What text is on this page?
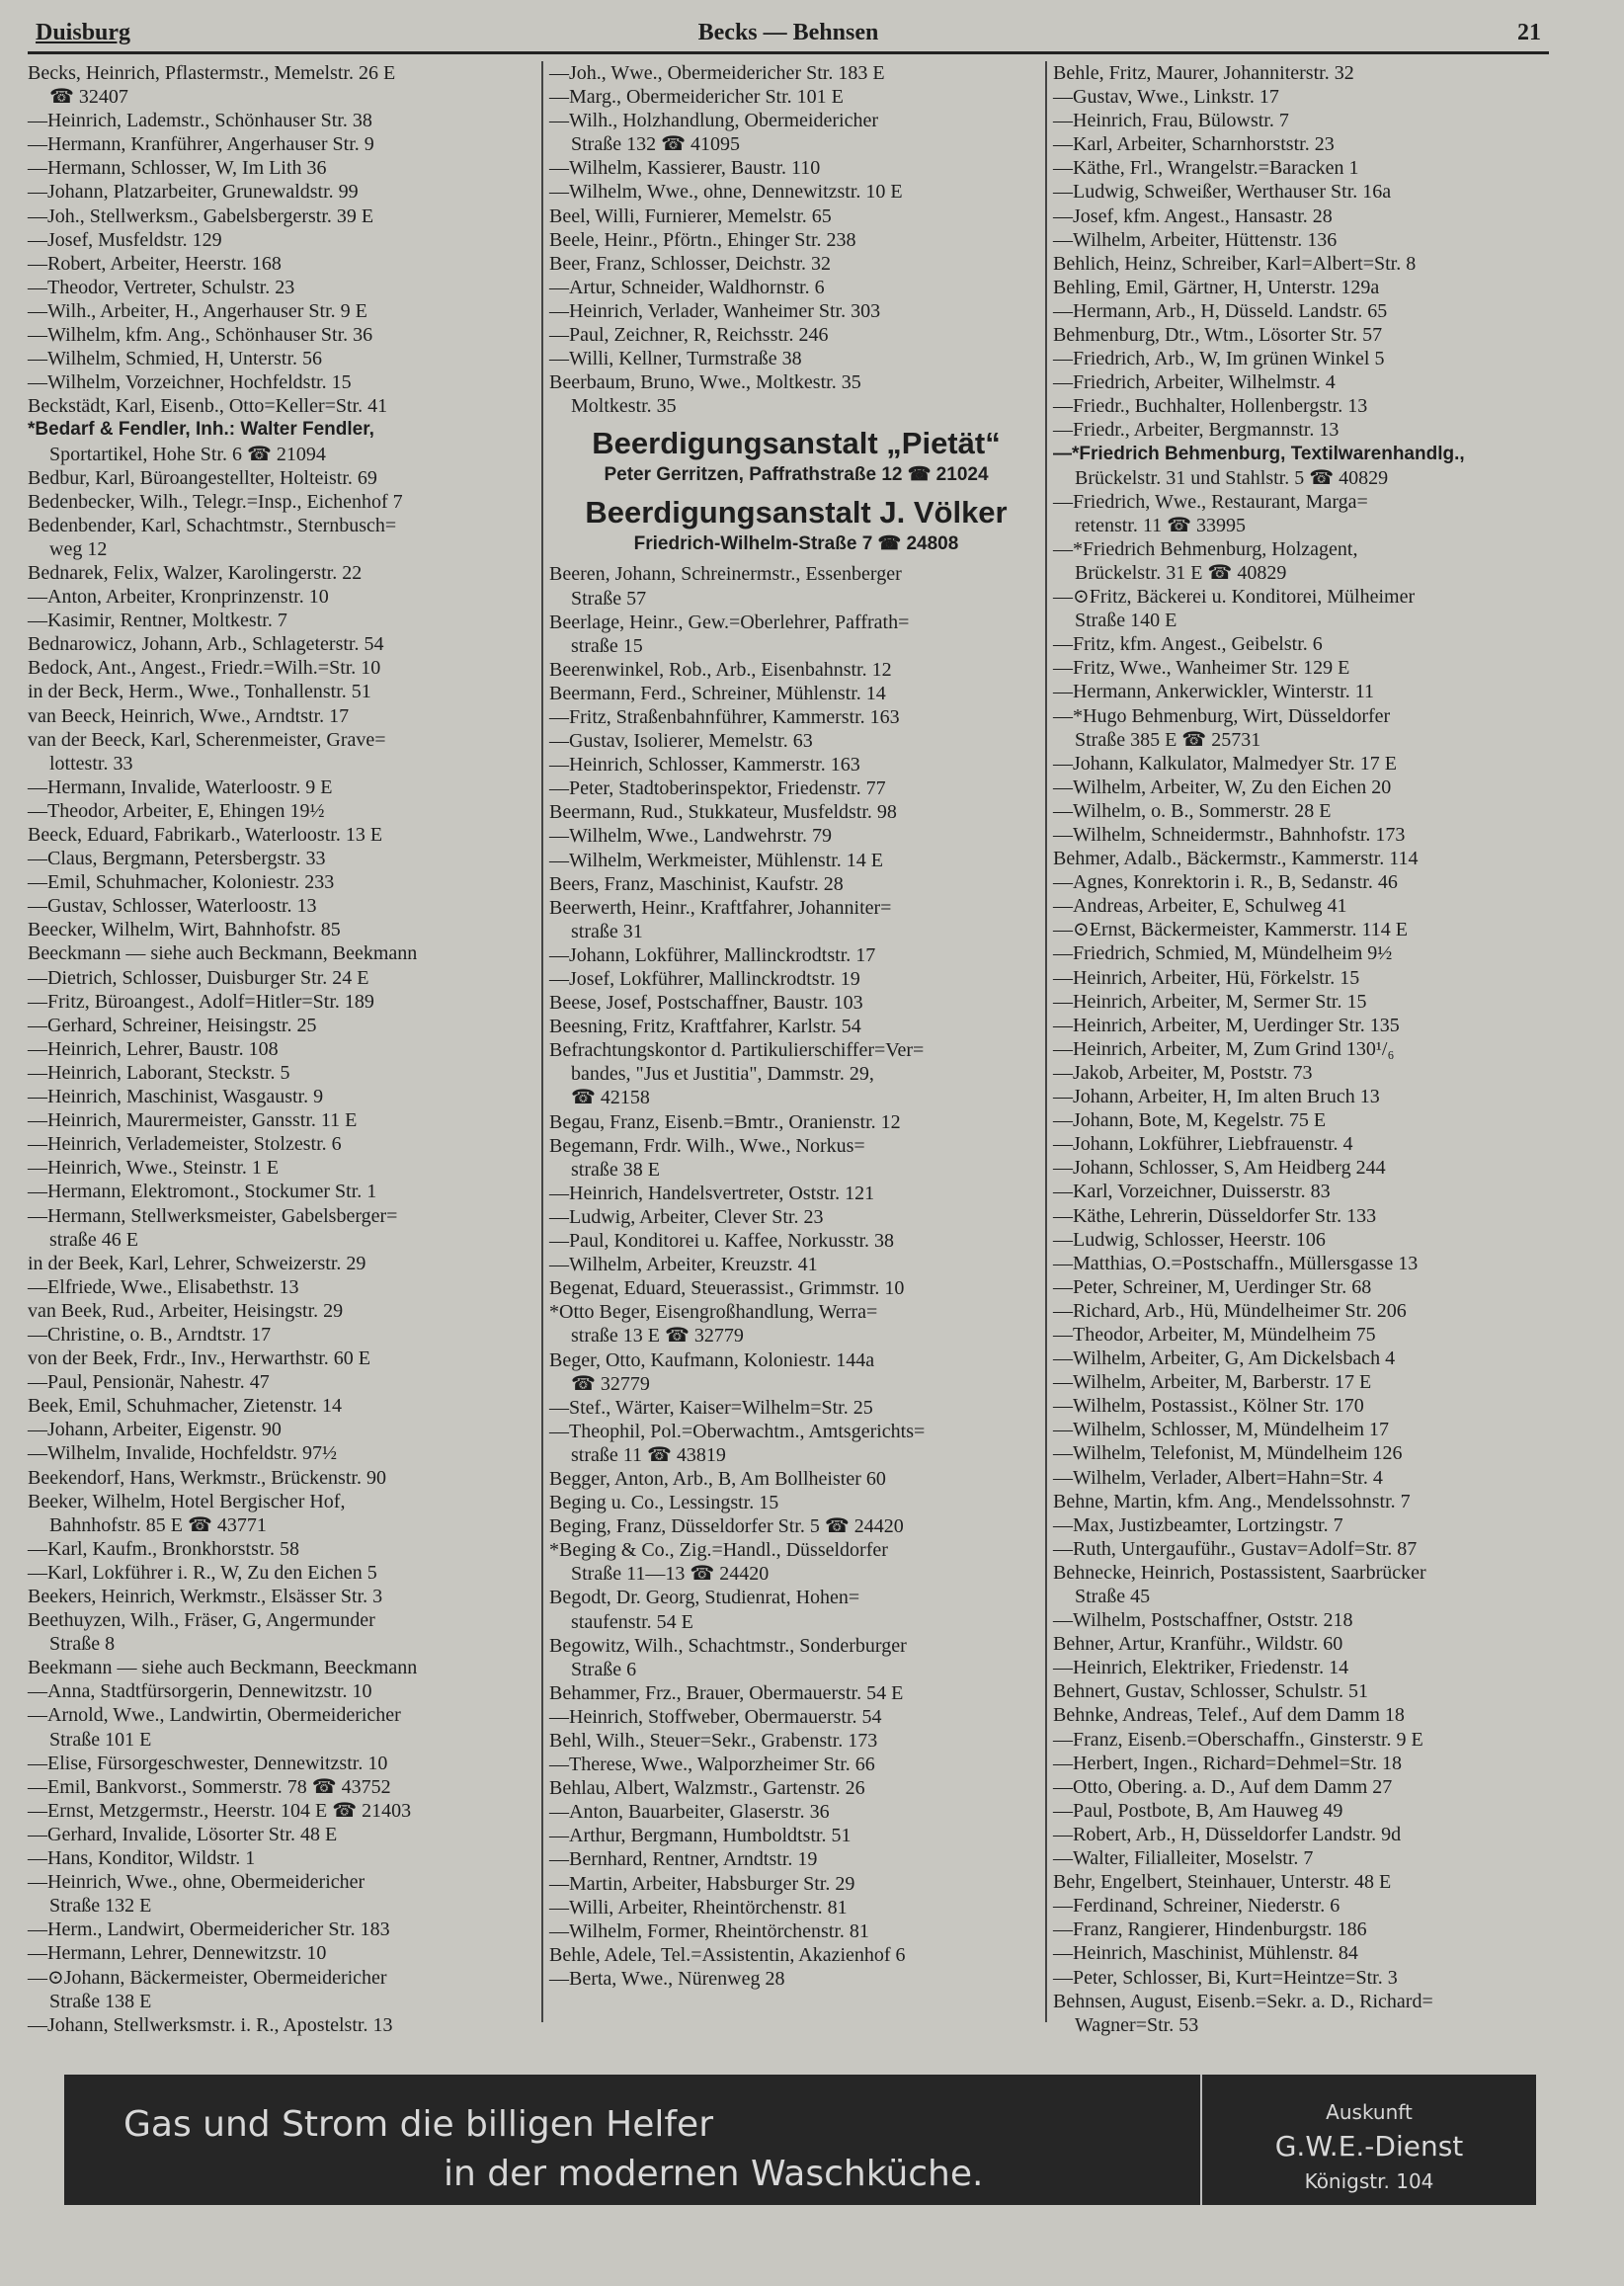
Duisburg	Becks — Behnsen	21
Becks, Heinrich, Pflastermstr., Memelstr. 26 E
☎ 32407
—Heinrich, Lademstr., Schönhauser Str. 38
—Hermann, Kranführer, Angerhauser Str. 9
—Hermann, Schlosser, W, Im Lith 36
—Johann, Platzarbeiter, Grunewaldstr. 99
—Joh., Stellwerksm., Gabelsbergerstr. 39 E
—Josef, Musfeldstr. 129
—Robert, Arbeiter, Heerstr. 168
—Theodor, Vertreter, Schulstr. 23
—Wilh., Arbeiter, H., Angerhauser Str. 9 E
—Wilhelm, kfm. Ang., Schönhauser Str. 36
—Wilhelm, Schmied, H, Unterstr. 56
—Wilhelm, Vorzeichner, Hochfeldstr. 15
Beckstädt, Karl, Eisenb., Otto=Keller=Str. 41
*Bedarf & Fendler, Inh.: Walter Fendler,
Sportartikel, Hohe Str. 6 ☎ 21094
Bedbur, Karl, Büroangestellter, Holteistr. 69
Bedenbecker, Wilh., Telegr.=Insp., Eichenhof 7
Bedenbender, Karl, Schachtmstr., Sternbusch=
weg 12
Bednarek, Felix, Walzer, Karolingerstr. 22
—Anton, Arbeiter, Kronprinzenstr. 10
—Kasimir, Rentner, Moltkestr. 7
Bednarowicz, Johann, Arb., Schlageterstr. 54
Bedock, Ant., Angest., Friedr.=Wilh.=Str. 10
in der Beck, Herm., Wwe., Tonhallenstr. 51
van Beeck, Heinrich, Wwe., Arndtstr. 17
van der Beeck, Karl, Scherenmeister, Grave=
lottestr. 33
—Hermann, Invalide, Waterloostr. 9 E
—Theodor, Arbeiter, E, Ehingen 19½
Beeck, Eduard, Fabrikarb., Waterloostr. 13 E
—Claus, Bergmann, Petersbergstr. 33
—Emil, Schuhmacher, Koloniestr. 233
—Gustav, Schlosser, Waterloostr. 13
Beecker, Wilhelm, Wirt, Bahnhofstr. 85
Beeckmann — siehe auch Beckmann, Beekmann
—Dietrich, Schlosser, Duisburger Str. 24 E
—Fritz, Büroangest., Adolf=Hitler=Str. 189
—Gerhard, Schreiner, Heisingstr. 25
—Heinrich, Lehrer, Baustr. 108
—Heinrich, Laborant, Steckstr. 5
—Heinrich, Maschinist, Wasgaustr. 9
—Heinrich, Maurermeister, Gansstr. 11 E
—Heinrich, Verlademeister, Stolzestr. 6
—Heinrich, Wwe., Steinstr. 1 E
—Hermann, Elektromont., Stockumer Str. 1
—Hermann, Stellwerksmeister, Gabelsberger=
straße 46 E
in der Beek, Karl, Lehrer, Schweizerstr. 29
—Elfriede, Wwe., Elisabethstr. 13
van Beek, Rud., Arbeiter, Heisingstr. 29
—Christine, o. B., Arndtstr. 17
von der Beek, Frdr., Inv., Herwarthstr. 60 E
—Paul, Pensionär, Nahestr. 47
Beek, Emil, Schuhmacher, Zietenstr. 14
—Johann, Arbeiter, Eigenstr. 90
—Wilhelm, Invalide, Hochfeldstr. 97½
Beekendorf, Hans, Werkmstr., Brückenstr. 90
Beeker, Wilhelm, Hotel Bergischer Hof,
Bahnhofstr. 85 E ☎ 43771
—Karl, Kaufm., Bronkhorststr. 58
—Karl, Lokführer i. R., W, Zu den Eichen 5
Beekers, Heinrich, Werkmstr., Elsässer Str. 3
Beethuyzen, Wilh., Fräser, G, Angermunder
Straße 8
Beekmann — siehe auch Beckmann, Beeckmann
—Anna, Stadtfürsorgerin, Dennewitzstr. 10
—Arnold, Wwe., Landwirtin, Obermeidericher
Straße 101 E
—Elise, Fürsorgeschwester, Dennewitzstr. 10
—Emil, Bankvorst., Sommerstr. 78 ☎ 43752
—Ernst, Metzgermstr., Heerstr. 104 E ☎ 21403
—Gerhard, Invalide, Lösorter Str. 48 E
—Hans, Konditor, Wildstr. 1
—Heinrich, Wwe., ohne, Obermeidericher
Straße 132 E
—Herm., Landwirt, Obermeidericher Str. 183
—Hermann, Lehrer, Dennewitzstr. 10
—⊙Johann, Bäckermeister, Obermeidericher
Straße 138 E
—Johann, Stellwerksmstr. i. R., Apostelstr. 13
—Joh., Wwe., Obermeidericher Str. 183 E
—Marg., Obermeidericher Str. 101 E
—Wilh., Holzhandlung, Obermeidericher
Straße 132 ☎ 41095
—Wilhelm, Kassierer, Baustr. 110
—Wilhelm, Wwe., ohne, Dennewitzstr. 10 E
Beel, Willi, Furnierer, Memelstr. 65
Beele, Heinr., Pförtn., Ehinger Str. 238
Beer, Franz, Schlosser, Deichstr. 32
—Artur, Schneider, Waldhornstr. 6
—Heinrich, Verlader, Wanheimer Str. 303
—Paul, Zeichner, R, Reichsstr. 246
—Willi, Kellner, Turmstraße 38
Beerbaum, Bruno, Wwe., Moltkestr. 35
Moltkestr. 35
Beerdigungsanstalt „Pietät“
Peter Gerritzen, Paffrathstraße 12 ☎ 21024
Beerdigungsanstalt J. Völker
Friedrich-Wilhelm-Straße 7 ☎ 24808
Beeren, Johann, Schreinermstr., Essenberger
Straße 57
Beerlage, Heinr., Gew.=Oberlehrer, Paffrath=
straße 15
Beerenwinkel, Rob., Arb., Eisenbahnstr. 12
Beermann, Ferd., Schreiner, Mühlenstr. 14
—Fritz, Straßenbahnführer, Kammerstr. 163
—Gustav, Isolierer, Memelstr. 63
—Heinrich, Schlosser, Kammerstr. 163
—Peter, Stadtoberinspektor, Friedenstr. 77
Beermann, Rud., Stukkateur, Musfeldstr. 98
—Wilhelm, Wwe., Landwehrstr. 79
—Wilhelm, Werkmeister, Mühlenstr. 14 E
Beers, Franz, Maschinist, Kaufstr. 28
Beerwerth, Heinr., Kraftfahrer, Johanniter=
straße 31
—Johann, Lokführer, Mallinckrodtstr. 17
—Josef, Lokführer, Mallinckrodtstr. 19
Beese, Josef, Postschaffner, Baustr. 103
Beesning, Fritz, Kraftfahrer, Karlstr. 54
Befrachtungskontor d. Partikulierschiffer=Ver=
bandes, "Jus et Justitia", Dammstr. 29,
☎ 42158
Begau, Franz, Eisenb.=Bmtr., Oranienstr. 12
Begemann, Frdr. Wilh., Wwe., Norkus=
straße 38 E
—Heinrich, Handelsvertreter, Oststr. 121
—Ludwig, Arbeiter, Clever Str. 23
—Paul, Konditorei u. Kaffee, Norkusstr. 38
—Wilhelm, Arbeiter, Kreuzstr. 41
Begenat, Eduard, Steuerassist., Grimmstr. 10
*Otto Beger, Eisengroßhandlung, Werra=
straße 13 E ☎ 32779
Beger, Otto, Kaufmann, Koloniestr. 144a
☎ 32779
—Stef., Wärter, Kaiser=Wilhelm=Str. 25
—Theophil, Pol.=Oberwachtm., Amtsgerichts=
straße 11 ☎ 43819
Begger, Anton, Arb., B, Am Bollheister 60
Beging u. Co., Lessingstr. 15
Beging, Franz, Düsseldorfer Str. 5 ☎ 24420
*Beging & Co., Zig.=Handl., Düsseldorfer
Straße 11—13 ☎ 24420
Begodt, Dr. Georg, Studienrat, Hohen=
staufenstr. 54 E
Begowitz, Wilh., Schachtmstr., Sonderburger
Straße 6
Behammer, Frz., Brauer, Obermauerstr. 54 E
—Heinrich, Stoffweber, Obermauerstr. 54
Behl, Wilh., Steuer=Sekr., Grabenstr. 173
—Therese, Wwe., Walporzheimer Str. 66
Behlau, Albert, Walzmstr., Gartenstr. 26
—Anton, Bauarbeiter, Glaserstr. 36
—Arthur, Bergmann, Humboldtstr. 51
—Bernhard, Rentner, Arndtstr. 19
—Martin, Arbeiter, Habsburger Str. 29
—Willi, Arbeiter, Rheintörchenstr. 81
—Wilhelm, Former, Rheintörchenstr. 81
Behle, Adele, Tel.=Assistentin, Akazienhof 6
—Berta, Wwe., Nürenweg 28
Behle, Fritz, Maurer, Johanniterstr. 32
—Gustav, Wwe., Linkstr. 17
—Heinrich, Frau, Bülowstr. 7
—Karl, Arbeiter, Scharnhorststr. 23
—Käthe, Frl., Wrangelstr.=Baracken 1
—Ludwig, Schweißer, Werthauser Str. 16a
—Josef, kfm. Angest., Hansastr. 28
—Wilhelm, Arbeiter, Hüttenstr. 136
Behlich, Heinz, Schreiber, Karl=Albert=Str. 8
Behling, Emil, Gärtner, H, Unterstr. 129a
—Hermann, Arb., H, Düsseld. Landstr. 65
Behmenburg, Dtr., Wtm., Lösorter Str. 57
—Friedrich, Arb., W, Im grünen Winkel 5
—Friedrich, Arbeiter, Wilhelmstr. 4
—Friedr., Buchhalter, Hollenbergstr. 13
—Friedr., Arbeiter, Bergmannstr. 13
—*Friedrich Behmenburg, Textilwarenhandlg.,
Brückelstr. 31 und Stahlstr. 5 ☎ 40829
—Friedrich, Wwe., Restaurant, Marga=
retenstr. 11 ☎ 33995
—*Friedrich Behmenburg, Holzagent,
Brückelstr. 31 E ☎ 40829
—⊙Fritz, Bäckerei u. Konditorei, Mülheimer
Straße 140 E
—Fritz, kfm. Angest., Geibelstr. 6
—Fritz, Wwe., Wanheimer Str. 129 E
—Hermann, Ankerwickler, Winterstr. 11
—*Hugo Behmenburg, Wirt, Düsseldorfer
Straße 385 E ☎ 25731
—Johann, Kalkulator, Malmedyer Str. 17 E
—Wilhelm, Arbeiter, W, Zu den Eichen 20
—Wilhelm, o. B., Sommerstr. 28 E
—Wilhelm, Schneidermstr., Bahnhofstr. 173
Behmer, Adalb., Bäckermstr., Kammerstr. 114
—Agnes, Konrektorin i. R., B, Sedanstr. 46
—Andreas, Arbeiter, E, Schulweg 41
—⊙Ernst, Bäckermeister, Kammerstr. 114 E
—Friedrich, Schmied, M, Mündelheim 9½
—Heinrich, Arbeiter, Hü, Förkelstr. 15
—Heinrich, Arbeiter, M, Sermer Str. 15
—Heinrich, Arbeiter, M, Uerdinger Str. 135
—Heinrich, Arbeiter, M, Zum Grind 130¹/₆
—Jakob, Arbeiter, M, Poststr. 73
—Johann, Arbeiter, H, Im alten Bruch 13
—Johann, Bote, M, Kegelstr. 75 E
—Johann, Lokführer, Liebfrauenstr. 4
—Johann, Schlosser, S, Am Heidberg 244
—Karl, Vorzeichner, Duisserstr. 83
—Käthe, Lehrerin, Düsseldorfer Str. 133
—Ludwig, Schlosser, Heerstr. 106
—Matthias, O.=Postschaffn., Müllersgasse 13
—Peter, Schreiner, M, Uerdinger Str. 68
—Richard, Arb., Hü, Mündelheimer Str. 206
—Theodor, Arbeiter, M, Mündelheim 75
—Wilhelm, Arbeiter, G, Am Dickelsbach 4
—Wilhelm, Arbeiter, M, Barberstr. 17 E
—Wilhelm, Postassist., Kölner Str. 170
—Wilhelm, Schlosser, M, Mündelheim 17
—Wilhelm, Telefonist, M, Mündelheim 126
—Wilhelm, Verlader, Albert=Hahn=Str. 4
Behne, Martin, kfm. Ang., Mendelssohnstr. 7
—Max, Justizbeamter, Lortzingstr. 7
—Ruth, Untergauführ., Gustav=Adolf=Str. 87
Behnecke, Heinrich, Postassistent, Saarbrücker
Straße 45
—Wilhelm, Postschaffner, Oststr. 218
Behner, Artur, Kranführ., Wildstr. 60
—Heinrich, Elektriker, Friedenstr. 14
Behnert, Gustav, Schlosser, Schulstr. 51
Behnke, Andreas, Telef., Auf dem Damm 18
—Franz, Eisenb.=Oberschaffn., Ginsterstr. 9 E
—Herbert, Ingen., Richard=Dehmel=Str. 18
—Otto, Obering. a. D., Auf dem Damm 27
—Paul, Postbote, B, Am Hauweg 49
—Robert, Arb., H, Düsseldorfer Landstr. 9d
—Walter, Filialleiter, Moselstr. 7
Behr, Engelbert, Steinhauer, Unterstr. 48 E
—Ferdinand, Schreiner, Niederstr. 6
—Franz, Rangierer, Hindenburgstr. 186
—Heinrich, Maschinist, Mühlenstr. 84
—Peter, Schlosser, Bi, Kurt=Heintze=Str. 3
Behnsen, August, Eisenb.=Sekr. a. D., Richard=
Wagner=Str. 53
Gas und Strom die billigen Helfer
in der modernen Waschküche.
Auskunft
G.W.E.-Dienst
Königstr. 104
